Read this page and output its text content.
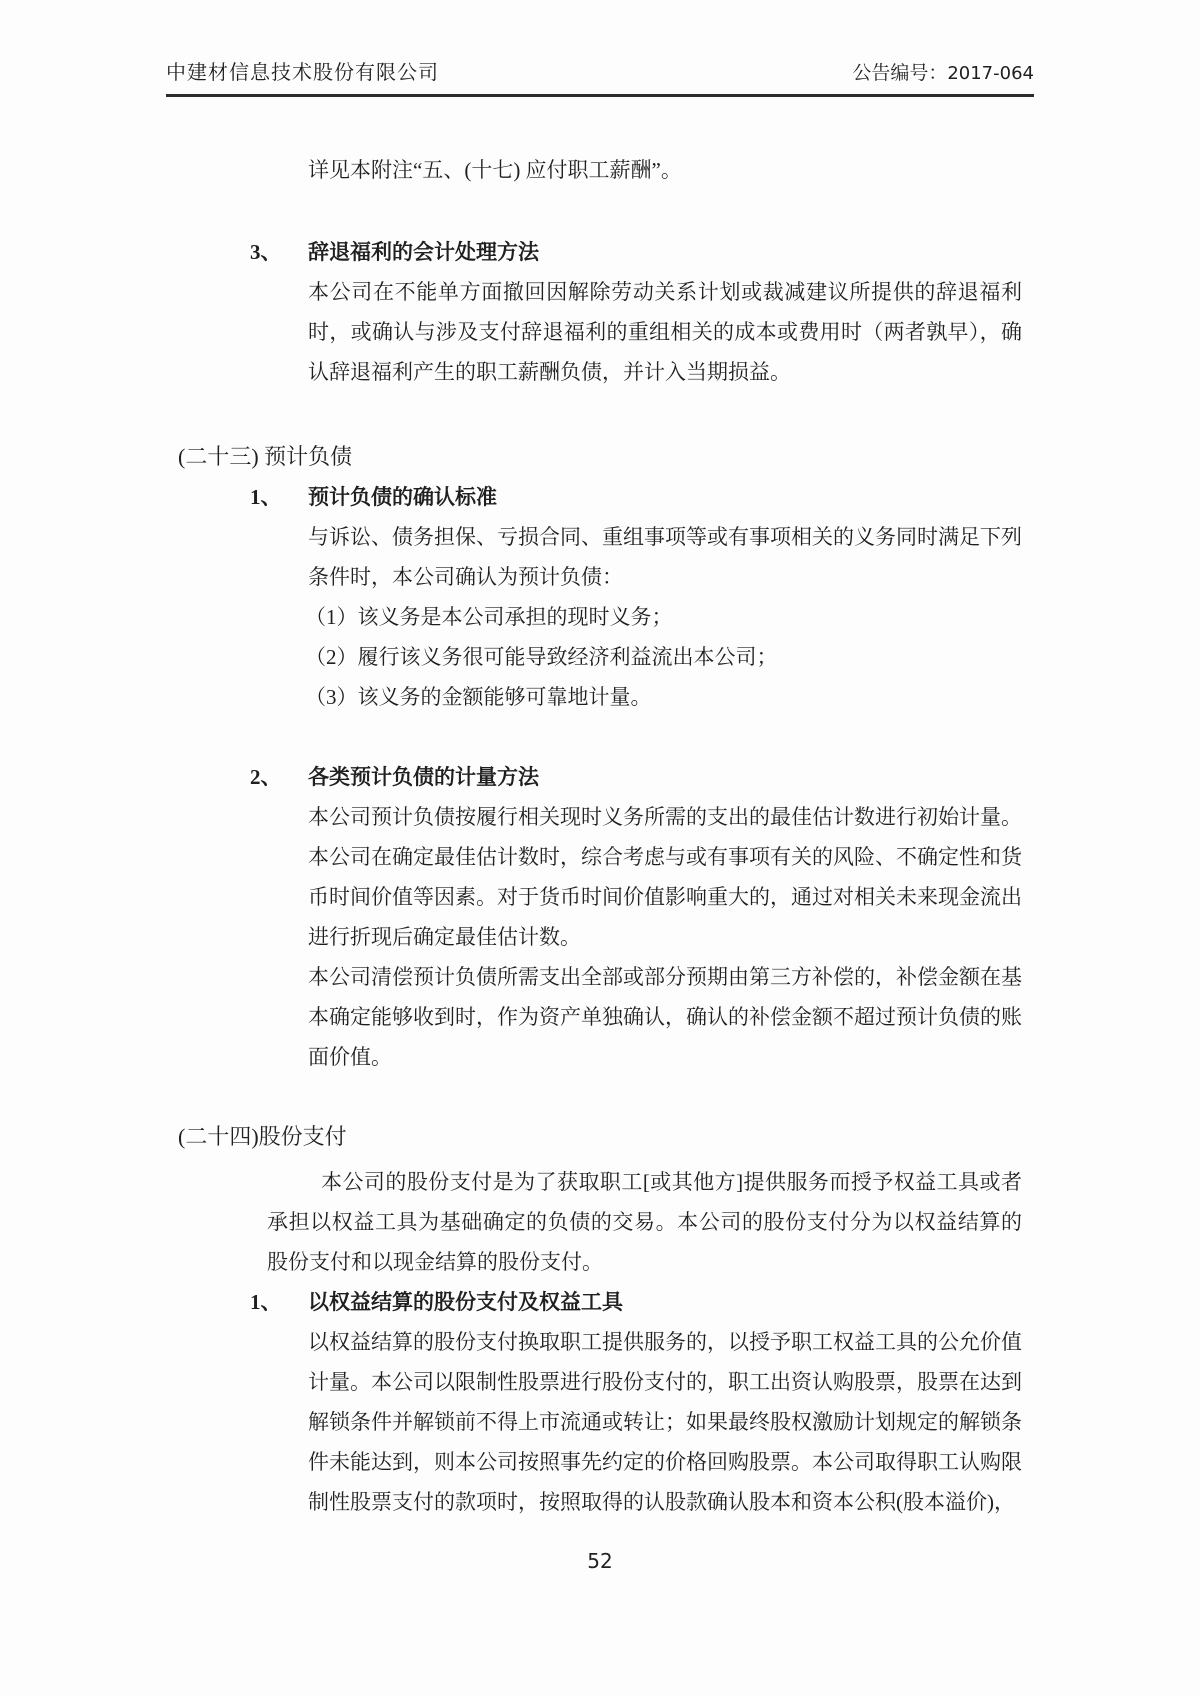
中建材信息技术股份有限公司	公告编号：2017-064
详见本附注“五、(十七) 应付职工薪酬”。
3、	辞退福利的会计处理方法
本公司在不能单方面撤回因解除劳动关系计划或裁减建议所提供的辞退福利时，或确认与涉及支付辞退福利的重组相关的成本或费用时（两者孰早），确认辞退福利产生的职工薪酬负债，并计入当期损益。
(二十三) 预计负债
1、	预计负债的确认标准
与诉讼、债务担保、亏损合同、重组事项等或有事项相关的义务同时满足下列条件时，本公司确认为预计负债：
（1）该义务是本公司承担的现时义务；
（2）履行该义务很可能导致经济利益流出本公司；
（3）该义务的金额能够可靠地计量。
2、	各类预计负债的计量方法
本公司预计负债按履行相关现时义务所需的支出的最佳估计数进行初始计量。本公司在确定最佳估计数时，综合考虑与或有事项有关的风险、不确定性和货币时间价值等因素。对于货币时间价值影响重大的，通过对相关未来现金流出进行折现后确定最佳估计数。
本公司清偿预计负债所需支出全部或部分预期由第三方补偿的，补偿金额在基本确定能够收到时，作为资产单独确认，确认的补偿金额不超过预计负债的账面价值。
(二十四)股份支付
本公司的股份支付是为了获取职工[或其他方]提供服务而授予权益工具或者承担以权益工具为基础确定的负债的交易。本公司的股份支付分为以权益结算的股份支付和以现金结算的股份支付。
1、	以权益结算的股份支付及权益工具
以权益结算的股份支付换取职工提供服务的，以授予职工权益工具的公允价值计量。本公司以限制性股票进行股份支付的，职工出资认购股票，股票在达到解锁条件并解锁前不得上市流通或转让；如果最终股权激励计划规定的解锁条件未能达到，则本公司按照事先约定的价格回购股票。本公司取得职工认购限制性股票支付的款项时，按照取得的认股款确认股本和资本公积(股本溢价)，
52
